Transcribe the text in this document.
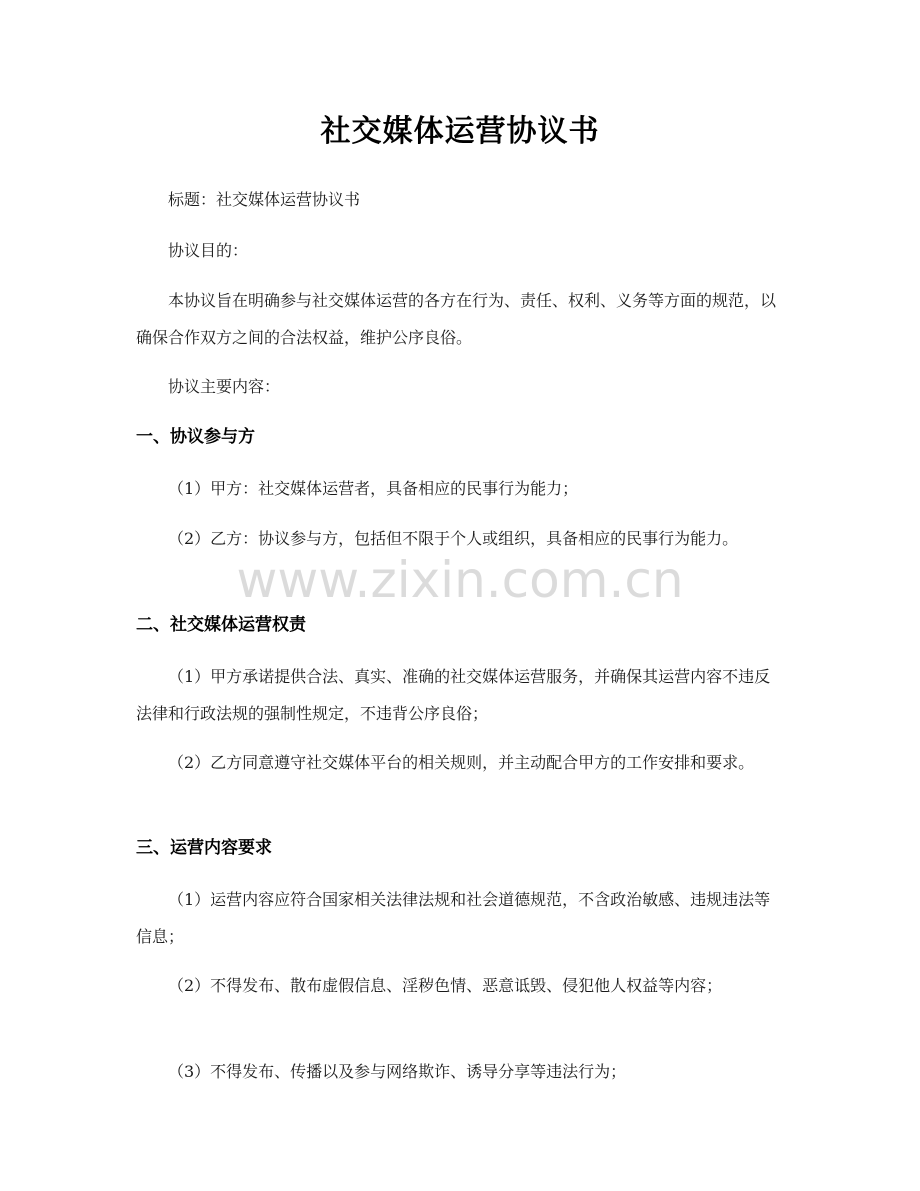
社交媒体运营协议书

标题：社交媒体运营协议书

协议目的：

本协议旨在明确参与社交媒体运营的各方在行为、责任、权利、义务等方面的规范，以确保合作双方之间的合法权益，维护公序良俗。

协议主要内容：

一、协议参与方

（1）甲方：社交媒体运营者，具备相应的民事行为能力；

（2）乙方：协议参与方，包括但不限于个人或组织，具备相应的民事行为能力。

二、社交媒体运营权责

（1）甲方承诺提供合法、真实、准确的社交媒体运营服务，并确保其运营内容不违反法律和行政法规的强制性规定，不违背公序良俗；

（2）乙方同意遵守社交媒体平台的相关规则，并主动配合甲方的工作安排和要求。

三、运营内容要求

（1）运营内容应符合国家相关法律法规和社会道德规范，不含政治敏感、违规违法等信息；

（2）不得发布、散布虚假信息、淫秽色情、恶意诋毁、侵犯他人权益等内容；

（3）不得发布、传播以及参与网络欺诈、诱导分享等违法行为；

www.zixin.com.cn
